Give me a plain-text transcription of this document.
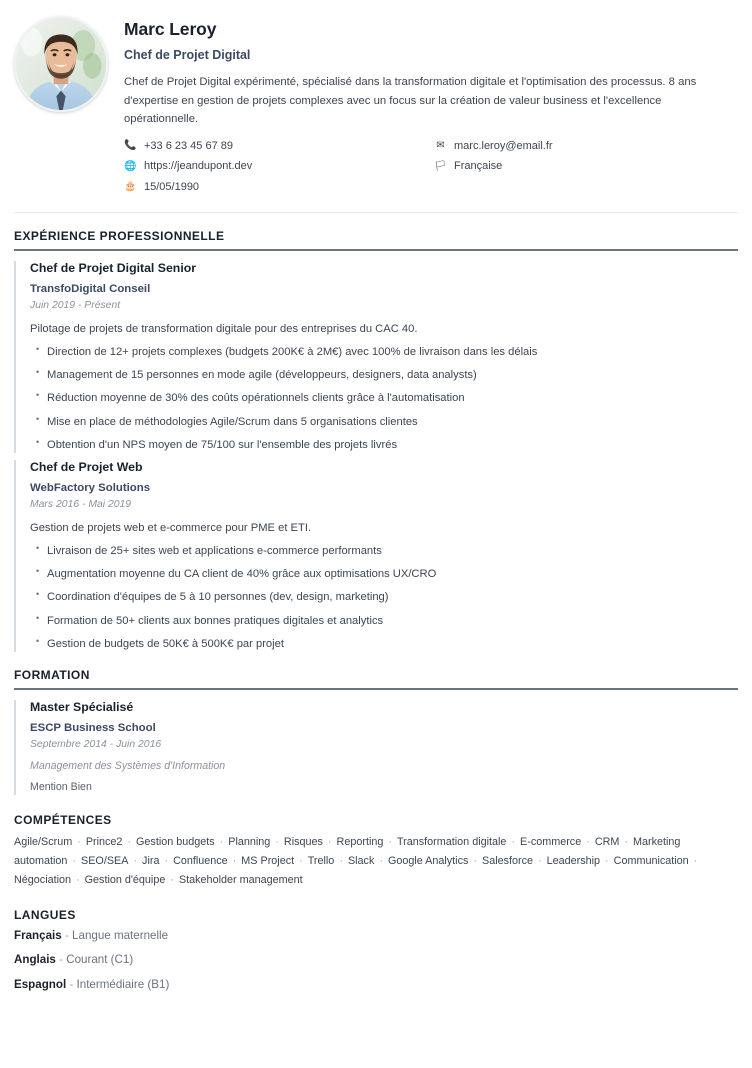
Marc Leroy
Chef de Projet Digital

Chef de Projet Digital expérimenté, spécialisé dans la transformation digitale et l'optimisation des processus. 8 ans d'expertise en gestion de projets complexes avec un focus sur la création de valeur business et l'excellence opérationnelle.

📞 +33 6 23 45 67 89	✉ marc.leroy@email.fr
🌐 https://jeandupont.dev	🏳 Française
🎂 15/05/1990
EXPÉRIENCE PROFESSIONNELLE
Chef de Projet Digital Senior
TransfoDigital Conseil
Juin 2019 - Présent

Pilotage de projets de transformation digitale pour des entreprises du CAC 40.

• Direction de 12+ projets complexes (budgets 200K€ à 2M€) avec 100% de livraison dans les délais
• Management de 15 personnes en mode agile (développeurs, designers, data analysts)
• Réduction moyenne de 30% des coûts opérationnels clients grâce à l'automatisation
• Mise en place de méthodologies Agile/Scrum dans 5 organisations clientes
• Obtention d'un NPS moyen de 75/100 sur l'ensemble des projets livrés
Chef de Projet Web
WebFactory Solutions
Mars 2016 - Mai 2019

Gestion de projets web et e-commerce pour PME et ETI.

• Livraison de 25+ sites web et applications e-commerce performants
• Augmentation moyenne du CA client de 40% grâce aux optimisations UX/CRO
• Coordination d'équipes de 5 à 10 personnes (dev, design, marketing)
• Formation de 50+ clients aux bonnes pratiques digitales et analytics
• Gestion de budgets de 50K€ à 500K€ par projet
FORMATION
Master Spécialisé
ESCP Business School
Septembre 2014 - Juin 2016
Management des Systèmes d'Information
Mention Bien
COMPÉTENCES

Agile/Scrum · Prince2 · Gestion budgets · Planning · Risques · Reporting · Transformation digitale · E-commerce · CRM · Marketing automation · SEO/SEA · Jira · Confluence · MS Project · Trello · Slack · Google Analytics · Salesforce · Leadership · Communication · Négociation · Gestion d'équipe · Stakeholder management

LANGUES
Français - Langue maternelle
Anglais - Courant (C1)
Espagnol - Intermédiaire (B1)
